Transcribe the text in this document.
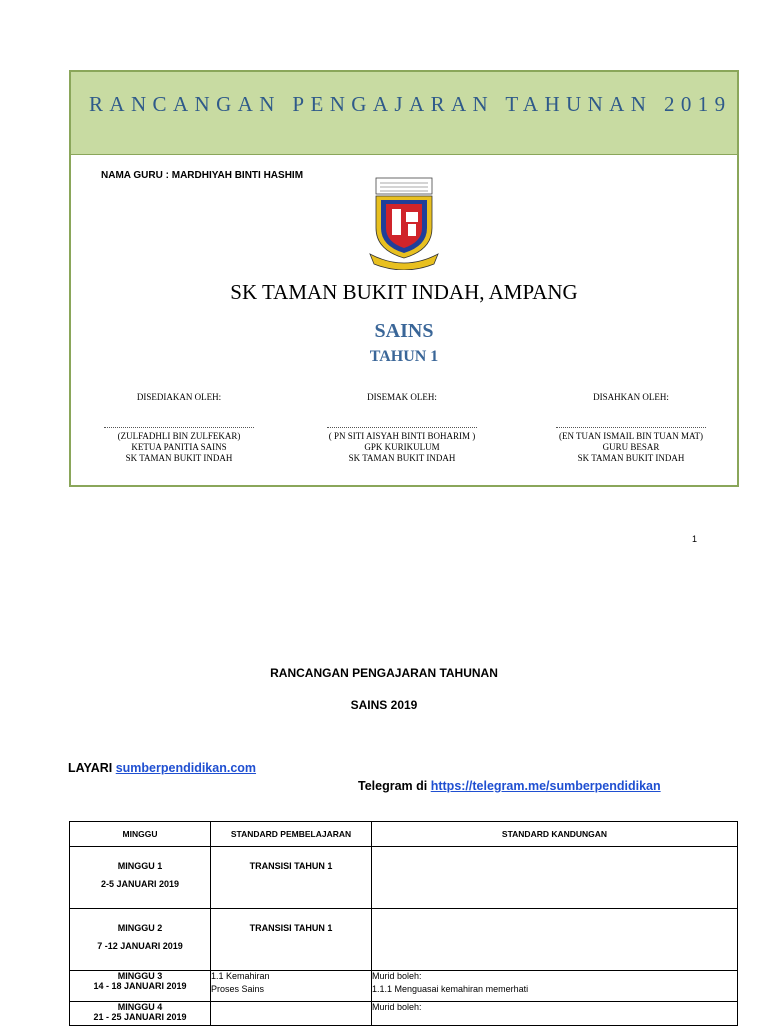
RANCANGAN PENGAJARAN TAHUNAN 2019
NAMA GURU : MARDHIYAH BINTI HASHIM
SK TAMAN BUKIT INDAH, AMPANG
SAINS
TAHUN 1
DISEDIAKAN OLEH:
(ZULFADHLI BIN ZULFEKAR)
KETUA PANITIA SAINS
SK TAMAN BUKIT INDAH
DISEMAK OLEH:
( PN SITI AISYAH BINTI BOHARIM )
GPK KURIKULUM
SK TAMAN BUKIT INDAH
DISAHKAN OLEH:
(EN TUAN ISMAIL BIN TUAN MAT)
GURU BESAR
SK TAMAN BUKIT INDAH
1
RANCANGAN PENGAJARAN TAHUNAN
SAINS 2019
LAYARI sumberpendidikan.com
Telegram di https://telegram.me/sumberpendidikan
MINGGU	STANDARD PEMBELAJARAN	STANDARD KANDUNGAN

MINGGU 1
2-5 JANUARI 2019	TRANSISI TAHUN 1	

MINGGU 2
7 -12 JANUARI 2019	TRANSISI TAHUN 1	

MINGGU 3
14 - 18 JANUARI 2019	1.1 Kemahiran
Proses Sains	Murid boleh:
1.1.1 Menguasai kemahiran memerhati

MINGGU 4
21 - 25 JANUARI 2019		Murid boleh:
